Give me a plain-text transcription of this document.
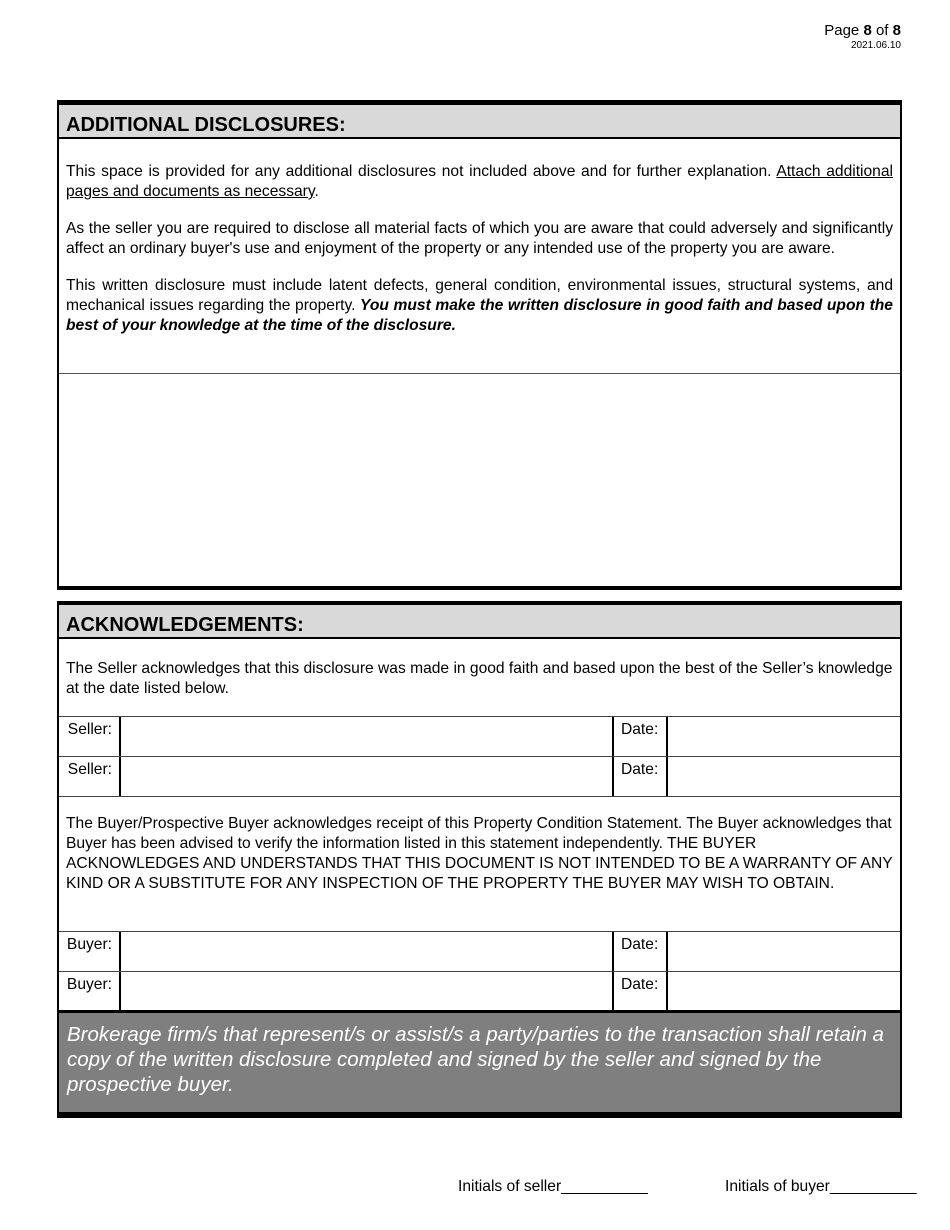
Page 8 of 8
2021.06.10
ADDITIONAL DISCLOSURES:

This space is provided for any additional disclosures not included above and for further explanation. Attach additional pages and documents as necessary.

As the seller you are required to disclose all material facts of which you are aware that could adversely and significantly affect an ordinary buyer's use and enjoyment of the property or any intended use of the property you are aware.

This written disclosure must include latent defects, general condition, environmental issues, structural systems, and mechanical issues regarding the property. You must make the written disclosure in good faith and based upon the best of your knowledge at the time of the disclosure.

ACKNOWLEDGEMENTS:

The Seller acknowledges that this disclosure was made in good faith and based upon the best of the Seller’s knowledge at the date listed below.

Seller:	Date:
Seller:	Date:

The Buyer/Prospective Buyer acknowledges receipt of this Property Condition Statement. The Buyer acknowledges that Buyer has been advised to verify the information listed in this statement independently. THE BUYER ACKNOWLEDGES AND UNDERSTANDS THAT THIS DOCUMENT IS NOT INTENDED TO BE A WARRANTY OF ANY KIND OR A SUBSTITUTE FOR ANY INSPECTION OF THE PROPERTY THE BUYER MAY WISH TO OBTAIN.

Buyer:	Date:
Buyer:	Date:
Brokerage firm/s that represent/s or assist/s a party/parties to the transaction shall retain a copy of the written disclosure completed and signed by the seller and signed by the prospective buyer.
Initials of seller__________	Initials of buyer__________
